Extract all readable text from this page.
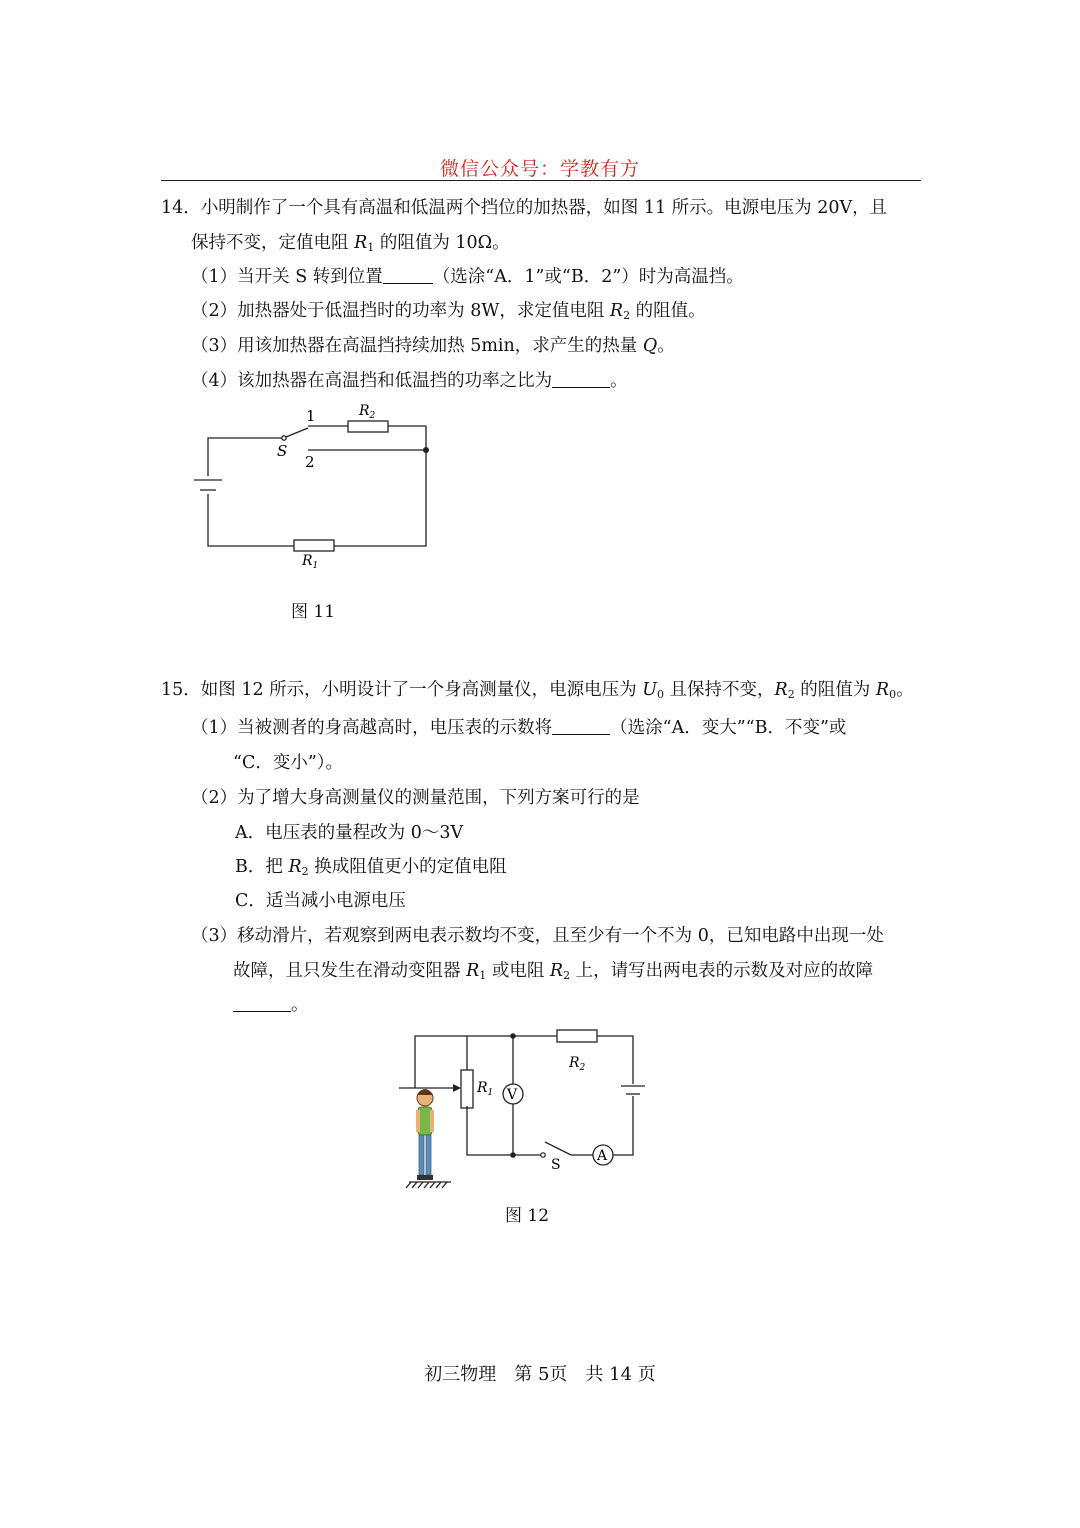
微信公众号：学教有方
14．小明制作了一个具有高温和低温两个挡位的加热器，如图 11 所示。电源电压为 20V，且
保持不变，定值电阻 $R_1$ 的阻值为 10Ω。
（1）当开关 S 转到位置	（选涂“A．1”或“B．2”）时为高温挡。
（2）加热器处于低温挡时的功率为 8W，求定值电阻 $R_2$ 的阻值。
（3）用该加热器在高温挡持续加热 5min，求产生的热量 Q。
（4）该加热器在高温挡和低温挡的功率之比为	。
1
2
S
$R_2$
$R_1$
图 11
15．如图 12 所示，小明设计了一个身高测量仪，电源电压为 $U_0$ 且保持不变，$R_2$ 的阻值为 $R_0$。
（1）当被测者的身高越高时，电压表的示数将	（选涂“A．变大”“B．不变”或
“C．变小”）。
（2）为了增大身高测量仪的测量范围，下列方案可行的是
A．电压表的量程改为 0～3V
B．把 $R_2$ 换成阻值更小的定值电阻
C．适当减小电源电压
（3）移动滑片，若观察到两电表示数均不变，且至少有一个不为 0，已知电路中出现一处
故障，且只发生在滑动变阻器 $R_1$ 或电阻 $R_2$ 上，请写出两电表的示数及对应的故障
。
V
A
S
$R_1$
$R_2$
图 12
初三物理　第 5页　共 14 页
